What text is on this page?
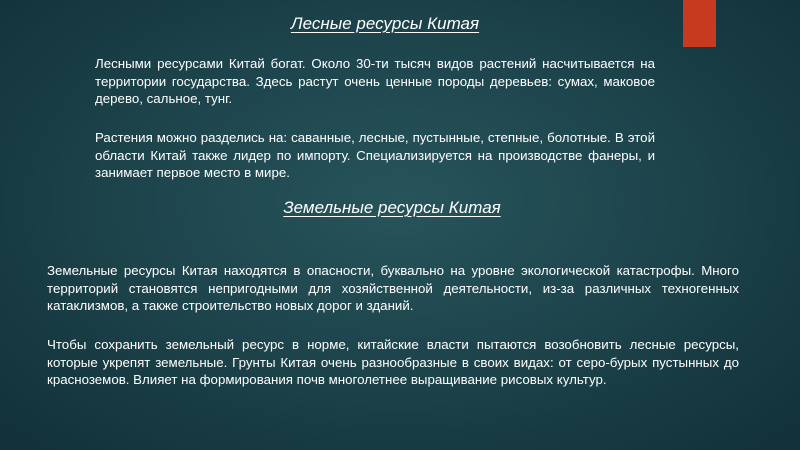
Лесные ресурсы Китая

Лесными ресурсами Китай богат. Около 30-ти тысяч видов растений насчитывается на территории государства. Здесь растут очень ценные породы деревьев: сумах, маковое дерево, сальное, тунг.

Растения можно разделись на: саванные, лесные, пустынные, степные, болотные. В этой области Китай также лидер по импорту. Специализируется на производстве фанеры, и занимает первое место в мире.

Земельные ресурсы Китая

Земельные ресурсы Китая находятся в опасности, буквально на уровне экологической катастрофы. Много территорий становятся непригодными для хозяйственной деятельности, из-за различных техногенных катаклизмов, а также строительство новых дорог и зданий.

Чтобы сохранить земельный ресурс в норме, китайские власти пытаются возобновить лесные ресурсы, которые укрепят земельные. Грунты Китая очень разнообразные в своих видах: от серо-бурых пустынных до красноземов. Влияет на формирования почв многолетнее выращивание рисовых культур.
